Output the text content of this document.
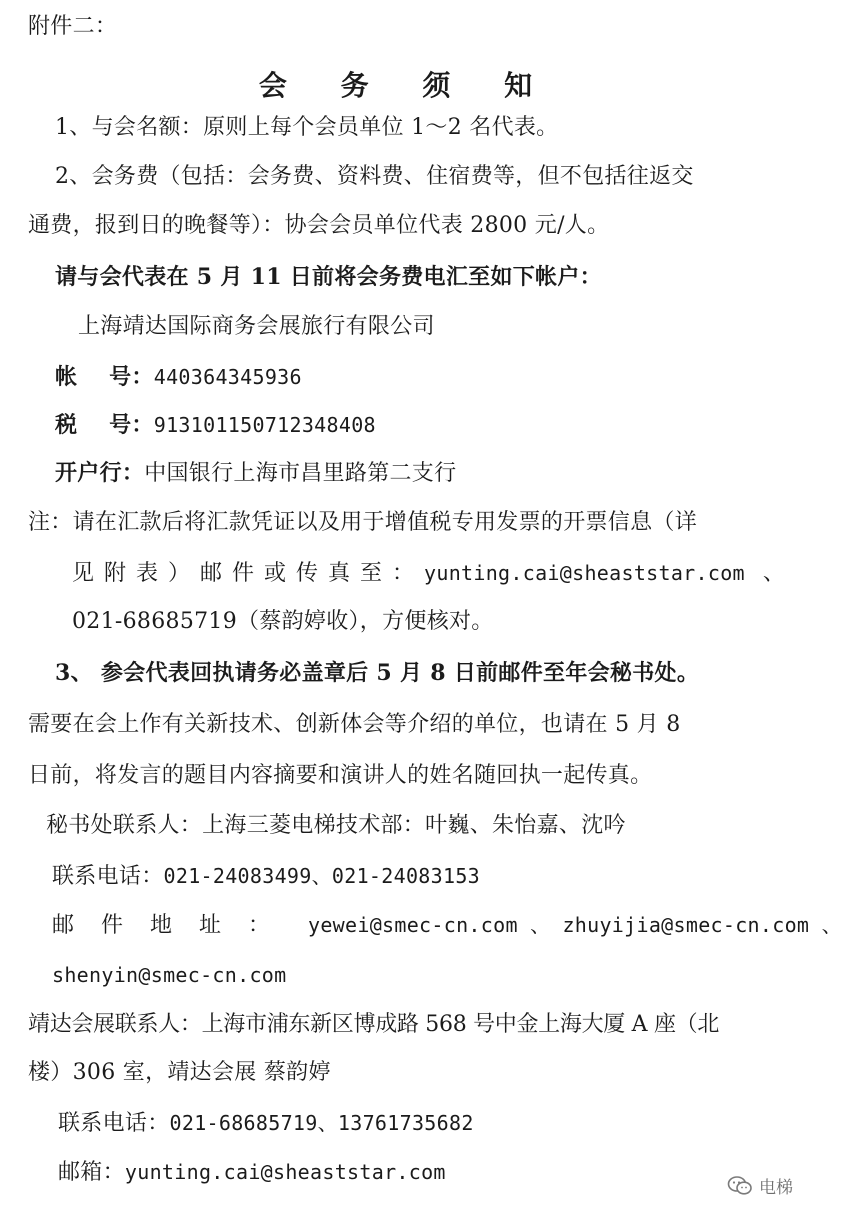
附件二：
会 务 须 知
1、与会名额：原则上每个会员单位 1～2 名代表。
2、会务费（包括：会务费、资料费、住宿费等，但不包括往返交
通费，报到日的晚餐等）：协会会员单位代表 2800 元/人。
请与会代表在 5 月 11 日前将会务费电汇至如下帐户：
上海靖达国际商务会展旅行有限公司
帐    号：440364345936
税    号：913101150712348408
开户行：中国银行上海市昌里路第二支行
注：请在汇款后将汇款凭证以及用于增值税专用发票的开票信息（详
见附表）邮件或传真至：yunting.cai@sheaststar.com 、
021-68685719（蔡韵婷收），方便核对。
3、 参会代表回执请务必盖章后 5 月 8 日前邮件至年会秘书处。
需要在会上作有关新技术、创新体会等介绍的单位，也请在 5 月 8
日前，将发言的题目内容摘要和演讲人的姓名随回执一起传真。
秘书处联系人：上海三菱电梯技术部：叶巍、朱怡嘉、沈吟
联系电话：021-24083499、021-24083153
邮 件 地 址 ： yewei@smec-cn.com 、 zhuyijia@smec-cn.com 、
shenyin@smec-cn.com
靖达会展联系人：上海市浦东新区博成路 568 号中金上海大厦 A 座（北
楼）306 室，靖达会展 蔡韵婷
联系电话：021-68685719、13761735682
邮箱：yunting.cai@sheaststar.com
电梯
